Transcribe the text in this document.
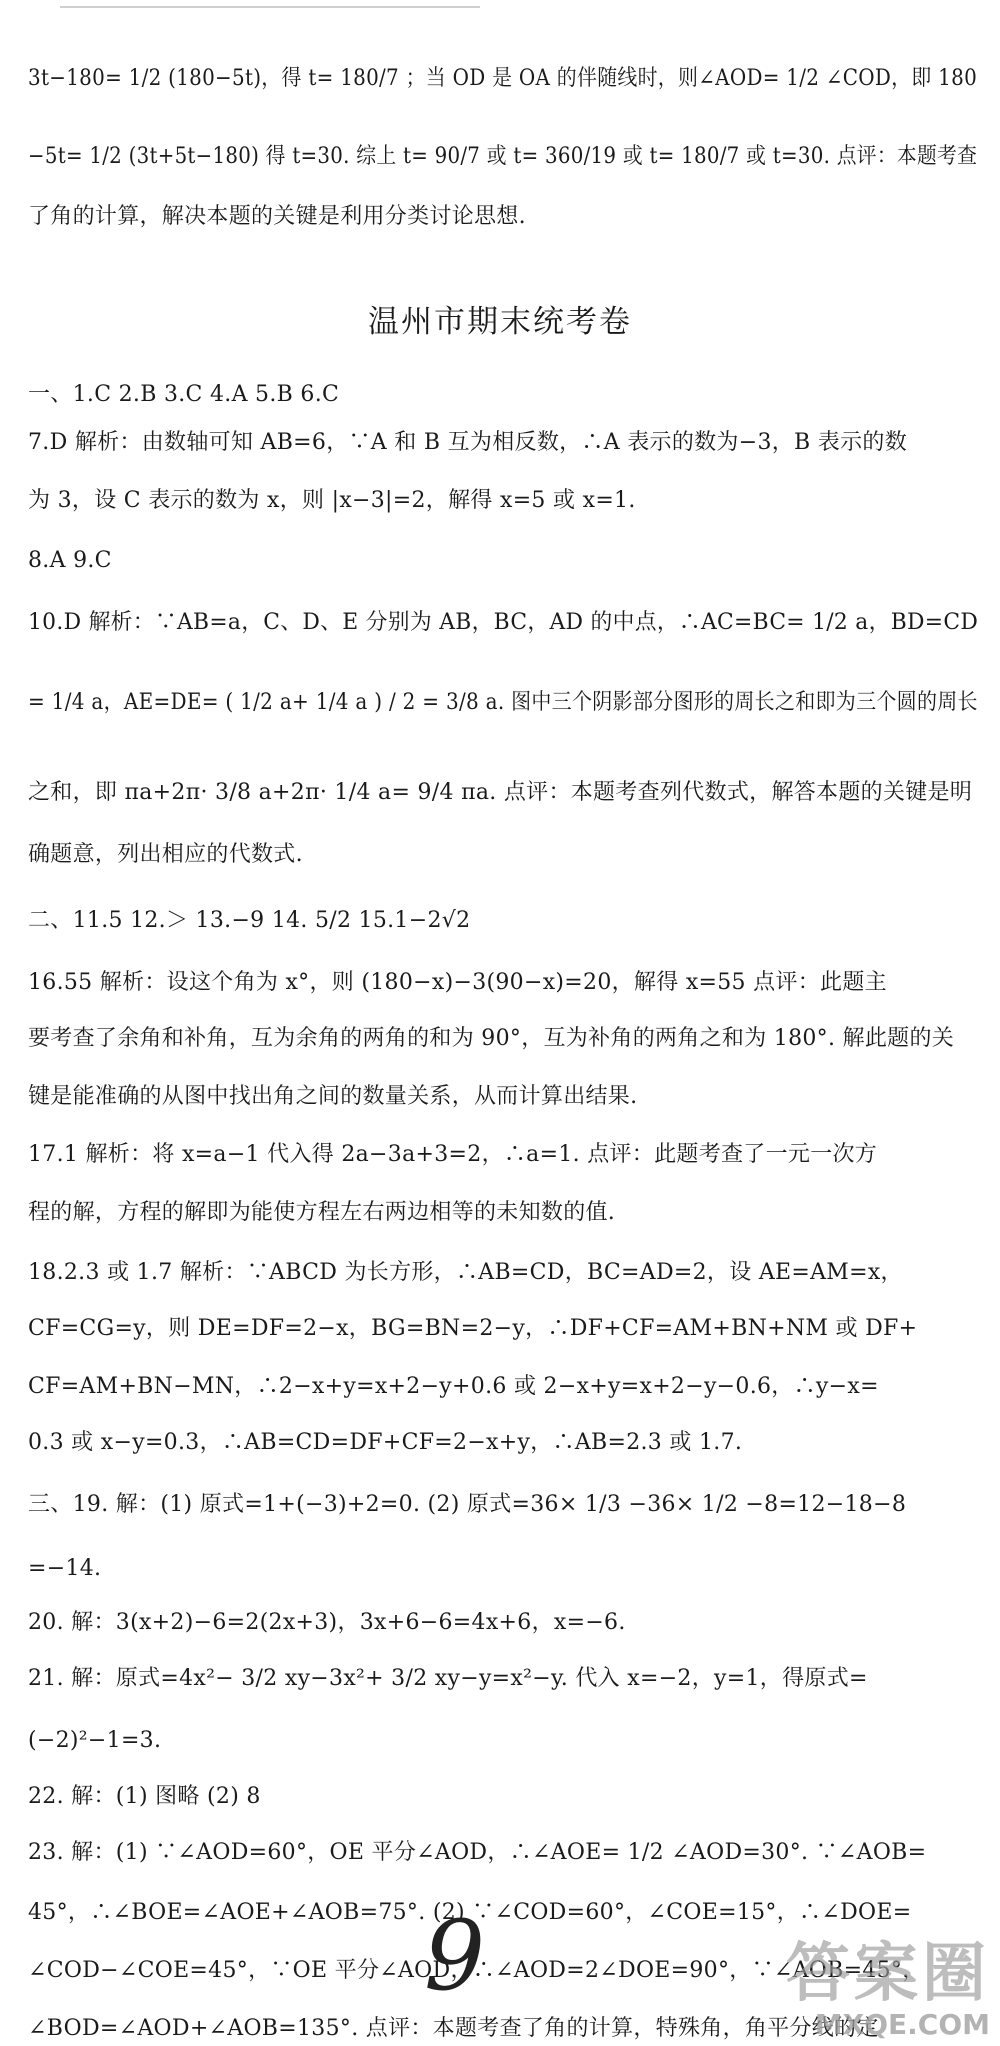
3t−180= 1/2 (180−5t)，得 t= 180/7 ；当 OD 是 OA 的伴随线时，则∠AOD= 1/2 ∠COD，即 180
−5t= 1/2 (3t+5t−180) 得 t=30. 综上 t= 90/7 或 t= 360/19 或 t= 180/7 或 t=30. 点评：本题考查
了角的计算，解决本题的关键是利用分类讨论思想.
温州市期末统考卷
一、1.C 2.B 3.C 4.A 5.B 6.C
7.D 解析：由数轴可知 AB=6，∵A 和 B 互为相反数，∴A 表示的数为−3，B 表示的数
为 3，设 C 表示的数为 x，则 |x−3|=2，解得 x=5 或 x=1.
8.A 9.C
10.D 解析：∵AB=a，C、D、E 分别为 AB，BC，AD 的中点，∴AC=BC= 1/2 a，BD=CD
= 1/4 a，AE=DE= ( 1/2 a+ 1/4 a ) / 2 = 3/8 a. 图中三个阴影部分图形的周长之和即为三个圆的周长
之和，即 πa+2π· 3/8 a+2π· 1/4 a= 9/4 πa. 点评：本题考查列代数式，解答本题的关键是明
确题意，列出相应的代数式.
二、11.5 12.＞ 13.−9 14. 5/2 15.1−2√2
16.55 解析：设这个角为 x°，则 (180−x)−3(90−x)=20，解得 x=55 点评：此题主
要考查了余角和补角，互为余角的两角的和为 90°，互为补角的两角之和为 180°. 解此题的关
键是能准确的从图中找出角之间的数量关系，从而计算出结果.
17.1 解析：将 x=a−1 代入得 2a−3a+3=2，∴a=1. 点评：此题考查了一元一次方
程的解，方程的解即为能使方程左右两边相等的未知数的值.
18.2.3 或 1.7 解析：∵ABCD 为长方形，∴AB=CD，BC=AD=2，设 AE=AM=x，
CF=CG=y，则 DE=DF=2−x，BG=BN=2−y，∴DF+CF=AM+BN+NM 或 DF+
CF=AM+BN−MN，∴2−x+y=x+2−y+0.6 或 2−x+y=x+2−y−0.6，∴y−x=
0.3 或 x−y=0.3，∴AB=CD=DF+CF=2−x+y，∴AB=2.3 或 1.7.
三、19. 解：(1) 原式=1+(−3)+2=0. (2) 原式=36× 1/3 −36× 1/2 −8=12−18−8
=−14.
20. 解：3(x+2)−6=2(2x+3)，3x+6−6=4x+6，x=−6.
21. 解：原式=4x²− 3/2 xy−3x²+ 3/2 xy−y=x²−y. 代入 x=−2，y=1，得原式=
(−2)²−1=3.
22. 解：(1) 图略 (2) 8
23. 解：(1) ∵∠AOD=60°，OE 平分∠AOD，∴∠AOE= 1/2 ∠AOD=30°. ∵∠AOB=
45°，∴∠BOE=∠AOE+∠AOB=75°. (2) ∵∠COD=60°，∠COE=15°，∴∠DOE=
∠COD−∠COE=45°，∵OE 平分∠AOD，∴∠AOD=2∠DOE=90°，∵∠AOB=45°，
∠BOD=∠AOD+∠AOB=135°. 点评：本题考查了角的计算，特殊角，角平分线的定
9	答案圈
MXQE.COM
